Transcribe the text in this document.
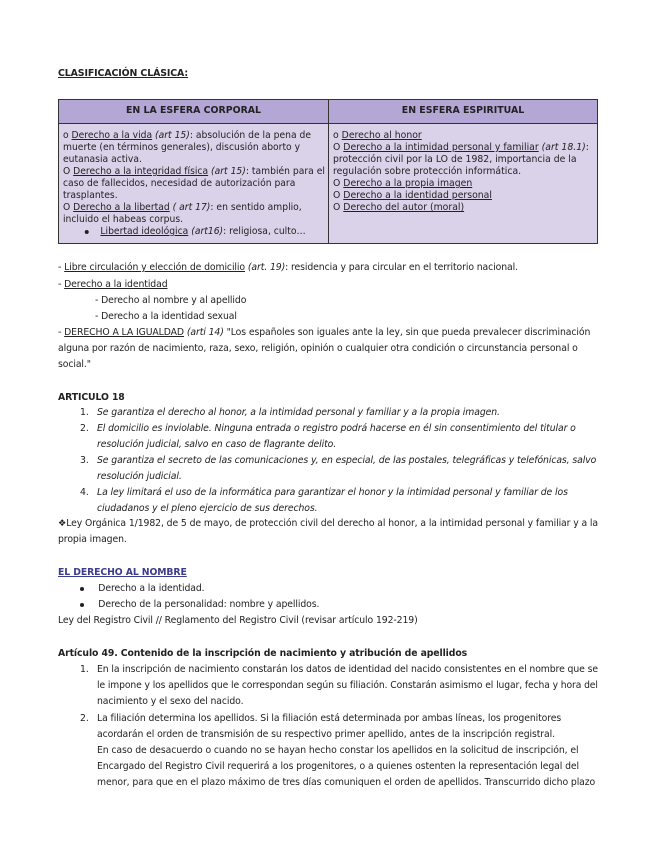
CLASIFICACIÓN CLÁSICA:
EN LA ESFERA CORPORAL	EN ESFERA ESPIRITUAL
o Derecho a la vida (art 15): absolución de la pena de
muerte (en términos generales), discusión aborto y
eutanasia activa.
O Derecho a la integridad física (art 15): también para el
caso de fallecidos, necesidad de autorización para
trasplantes.
O Derecho a la libertad ( art 17): en sentido amplio,
incluido el habeas corpus.
Libertad ideológica (art16): religiosa, culto…
o Derecho al honor
O Derecho a la intimidad personal y familiar (art 18.1):
protección civil por la LO de 1982, importancia de la
regulación sobre protección informática.
O Derecho a la propia imagen
O Derecho a la identidad personal
O Derecho del autor (moral)
- Libre circulación y elección de domicilio (art. 19): residencia y para circular en el territorio nacional.
- Derecho a la identidad
- Derecho al nombre y al apellido
- Derecho a la identidad sexual
- DERECHO A LA IGUALDAD (arti 14) "Los españoles son iguales ante la ley, sin que pueda prevalecer discriminación
alguna por razón de nacimiento, raza, sexo, religión, opinión o cualquier otra condición o circunstancia personal o
social."
ARTICULO 18
1. Se garantiza el derecho al honor, a la intimidad personal y familiar y a la propia imagen.
2. El domicilio es inviolable. Ninguna entrada o registro podrá hacerse en él sin consentimiento del titular o
resolución judicial, salvo en caso de flagrante delito.
3. Se garantiza el secreto de las comunicaciones y, en especial, de las postales, telegráficas y telefónicas, salvo
resolución judicial.
4. La ley limitará el uso de la informática para garantizar el honor y la intimidad personal y familiar de los
ciudadanos y el pleno ejercicio de sus derechos.
❖Ley Orgánica 1/1982, de 5 de mayo, de protección civil del derecho al honor, a la intimidad personal y familiar y a la
propia imagen.
EL DERECHO AL NOMBRE
Derecho a la identidad.
Derecho de la personalidad: nombre y apellidos.
Ley del Registro Civil // Reglamento del Registro Civil (revisar artículo 192-219)
Artículo 49. Contenido de la inscripción de nacimiento y atribución de apellidos
1. En la inscripción de nacimiento constarán los datos de identidad del nacido consistentes en el nombre que se
le impone y los apellidos que le correspondan según su filiación. Constarán asimismo el lugar, fecha y hora del
nacimiento y el sexo del nacido.
2. La filiación determina los apellidos. Si la filiación está determinada por ambas líneas, los progenitores
acordarán el orden de transmisión de su respectivo primer apellido, antes de la inscripción registral.
En caso de desacuerdo o cuando no se hayan hecho constar los apellidos en la solicitud de inscripción, el
Encargado del Registro Civil requerirá a los progenitores, o a quienes ostenten la representación legal del
menor, para que en el plazo máximo de tres días comuniquen el orden de apellidos. Transcurrido dicho plazo
